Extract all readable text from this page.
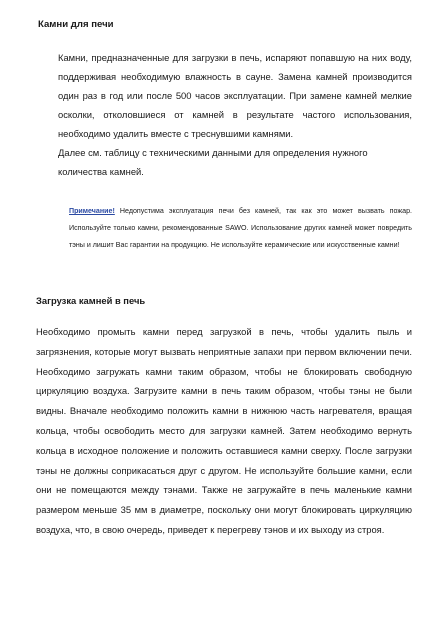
Камни для печи

Камни, предназначенные для загрузки в печь, испаряют попавшую на них воду, поддерживая необходимую влажность в сауне. Замена камней производится один раз в год или после 500 часов эксплуатации. При замене камней мелкие осколки, отколовшиеся от камней в результате частого использования, необходимо удалить вместе с треснувшими камнями.

Далее см. таблицу с техническими данными для определения нужного количества камней.

Примечание! Недопустима эксплуатация печи без камней, так как это может вызвать пожар. Используйте только камни, рекомендованные SAWO. Использование других камней может повредить тэны и лишит Вас гарантии на продукцию. Не используйте керамические или искусственные камни!
Загрузка камней в печь

Необходимо промыть камни перед загрузкой в печь, чтобы удалить пыль и загрязнения, которые могут вызвать неприятные запахи при первом включении печи. Необходимо загружать камни таким образом, чтобы не блокировать свободную циркуляцию воздуха. Загрузите камни в печь таким образом, чтобы тэны не были видны. Вначале необходимо положить камни в нижнюю часть нагревателя, вращая кольца, чтобы освободить место для загрузки камней. Затем необходимо вернуть кольца в исходное положение и положить оставшиеся камни сверху. После загрузки тэны не должны соприкасаться друг с другом. Не используйте большие камни, если они не помещаются между тэнами. Также не загружайте в печь маленькие камни размером меньше 35 мм в диаметре, поскольку они могут блокировать циркуляцию воздуха, что, в свою очередь, приведет к перегреву тэнов и их выходу из строя.
